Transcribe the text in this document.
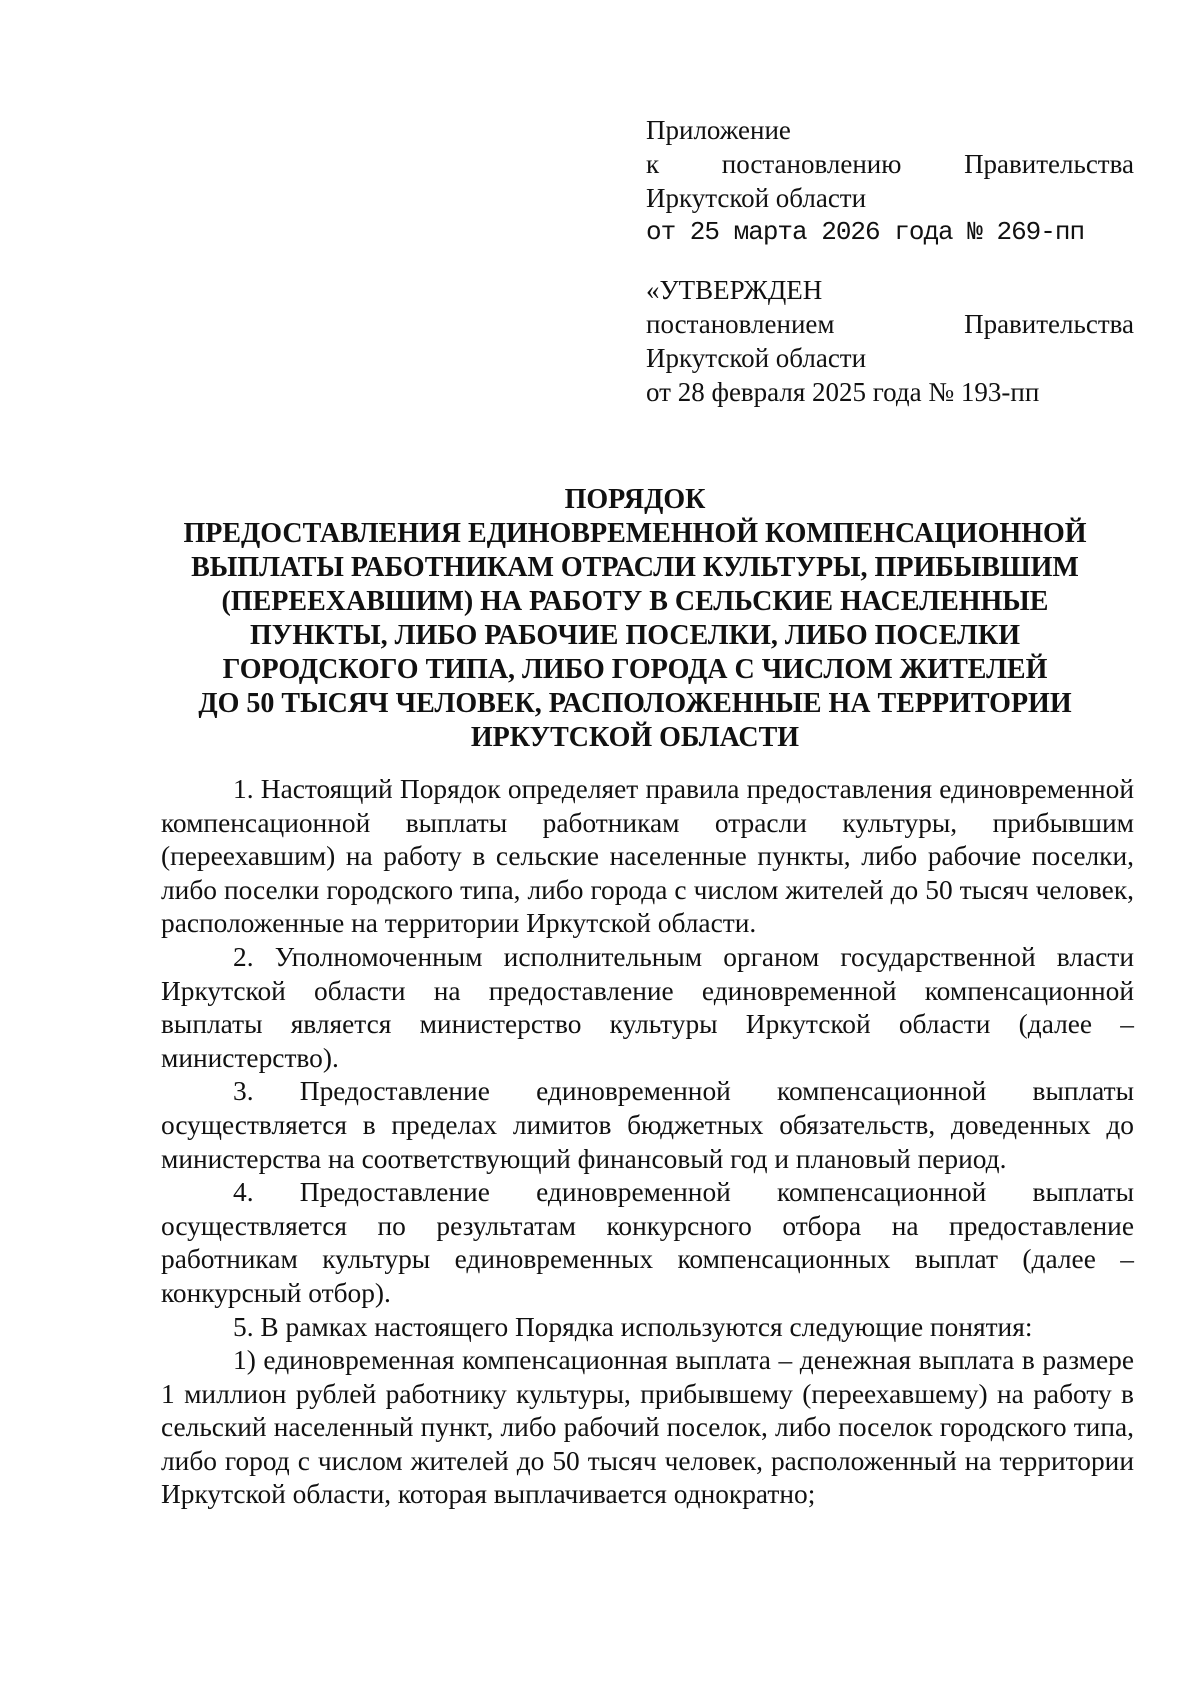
Приложение
к постановлению Правительства
Иркутской области
от 25 марта 2026 года № 269-пп
«УТВЕРЖДЕН
постановлением	Правительства
Иркутской области
от 28 февраля 2025 года № 193-пп
ПОРЯДОК
ПРЕДОСТАВЛЕНИЯ ЕДИНОВРЕМЕННОЙ КОМПЕНСАЦИОННОЙ
ВЫПЛАТЫ РАБОТНИКАМ ОТРАСЛИ КУЛЬТУРЫ, ПРИБЫВШИМ
(ПЕРЕЕХАВШИМ) НА РАБОТУ В СЕЛЬСКИЕ НАСЕЛЕННЫЕ
ПУНКТЫ, ЛИБО РАБОЧИЕ ПОСЕЛКИ, ЛИБО ПОСЕЛКИ
ГОРОДСКОГО ТИПА, ЛИБО ГОРОДА С ЧИСЛОМ ЖИТЕЛЕЙ
ДО 50 ТЫСЯЧ ЧЕЛОВЕК, РАСПОЛОЖЕННЫЕ НА ТЕРРИТОРИИ
ИРКУТСКОЙ ОБЛАСТИ

1. Настоящий Порядок определяет правила предоставления единовременной компенсационной выплаты работникам отрасли культуры, прибывшим (переехавшим) на работу в сельские населенные пункты, либо рабочие поселки, либо поселки городского типа, либо города с числом жителей до 50 тысяч человек, расположенные на территории Иркутской области.

2. Уполномоченным исполнительным органом государственной власти Иркутской области на предоставление единовременной компенсационной выплаты является министерство культуры Иркутской области (далее – министерство).

3. Предоставление единовременной компенсационной выплаты осуществляется в пределах лимитов бюджетных обязательств, доведенных до министерства на соответствующий финансовый год и плановый период.

4. Предоставление единовременной компенсационной выплаты осуществляется по результатам конкурсного отбора на предоставление работникам культуры единовременных компенсационных выплат (далее – конкурсный отбор).

5. В рамках настоящего Порядка используются следующие понятия:

1) единовременная компенсационная выплата – денежная выплата в размере 1 миллион рублей работнику культуры, прибывшему (переехавшему) на работу в сельский населенный пункт, либо рабочий поселок, либо поселок городского типа, либо город с числом жителей до 50 тысяч человек, расположенный на территории Иркутской области, которая выплачивается однократно;
